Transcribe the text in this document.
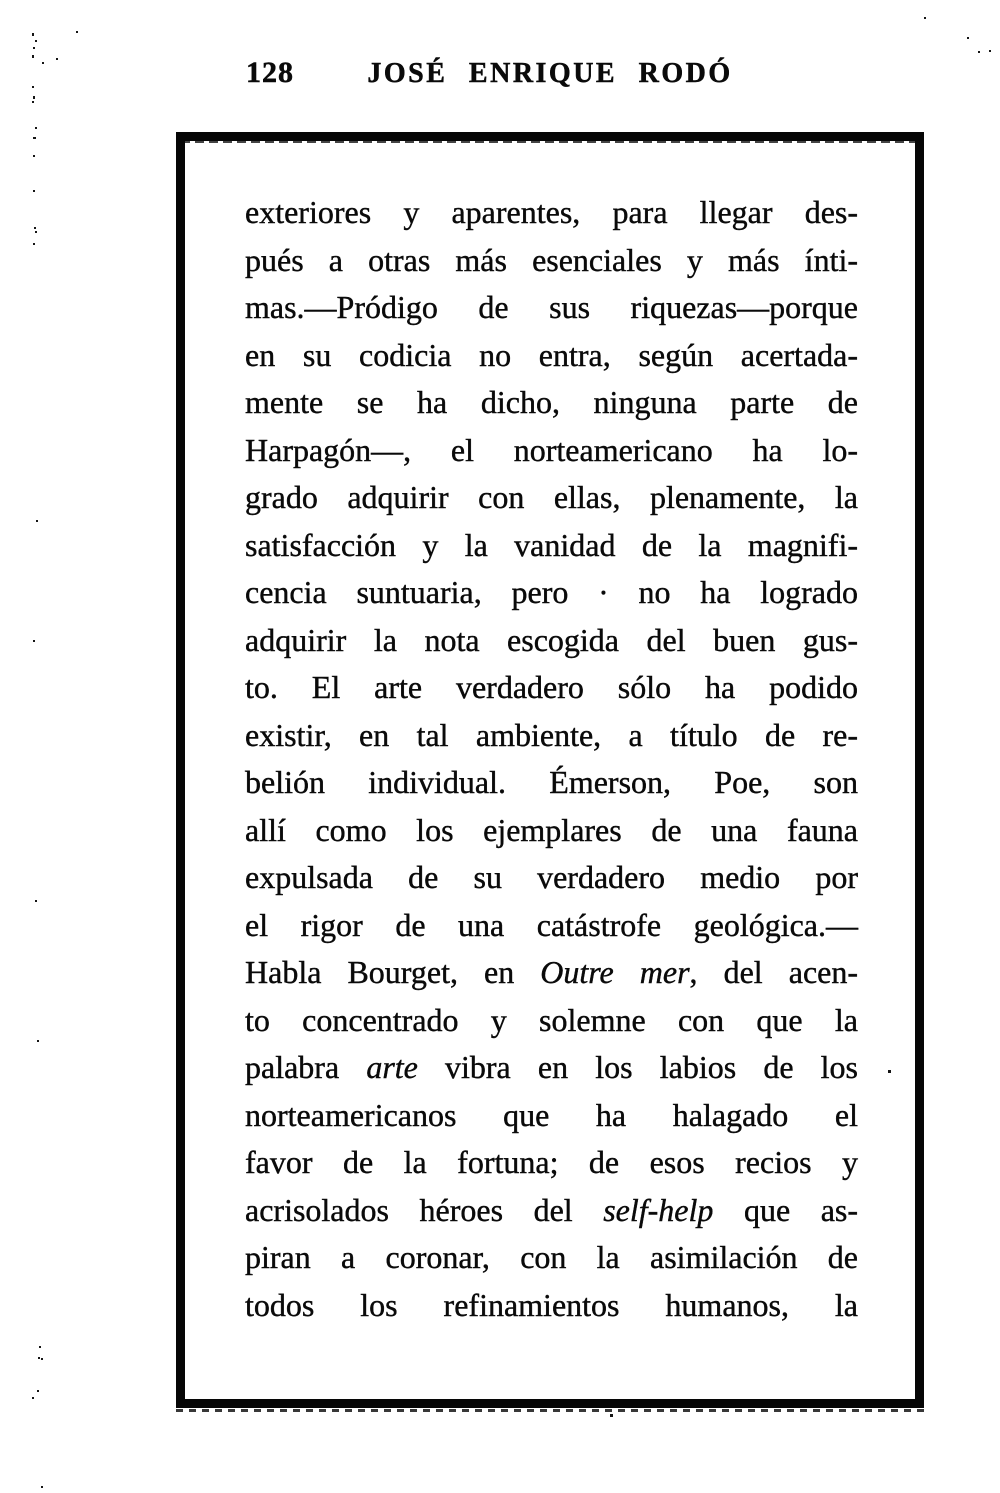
128	JOSÉ ENRIQUE RODÓ
exteriores y aparentes, para llegar des-
pués a otras más esenciales y más ínti-
mas.—Pródigo de sus riquezas—porque
en su codicia no entra, según acertada-
mente se ha dicho, ninguna parte de
Harpagón—, el norteamericano ha lo-
grado adquirir con ellas, plenamente, la
satisfacción y la vanidad de la magnifi-
cencia suntuaria, pero · no ha logrado
adquirir la nota escogida del buen gus-
to. El arte verdadero sólo ha podido
existir, en tal ambiente, a título de re-
belión individual. Émerson, Poe, son
allí como los ejemplares de una fauna
expulsada de su verdadero medio por
el rigor de una catástrofe geológica.—
Habla Bourget, en Outre mer, del acen-
to concentrado y solemne con que la
palabra arte vibra en los labios de los
norteamericanos que ha halagado el
favor de la fortuna; de esos recios y
acrisolados héroes del self-help que as-
piran a coronar, con la asimilación de
todos los refinamientos humanos, la
